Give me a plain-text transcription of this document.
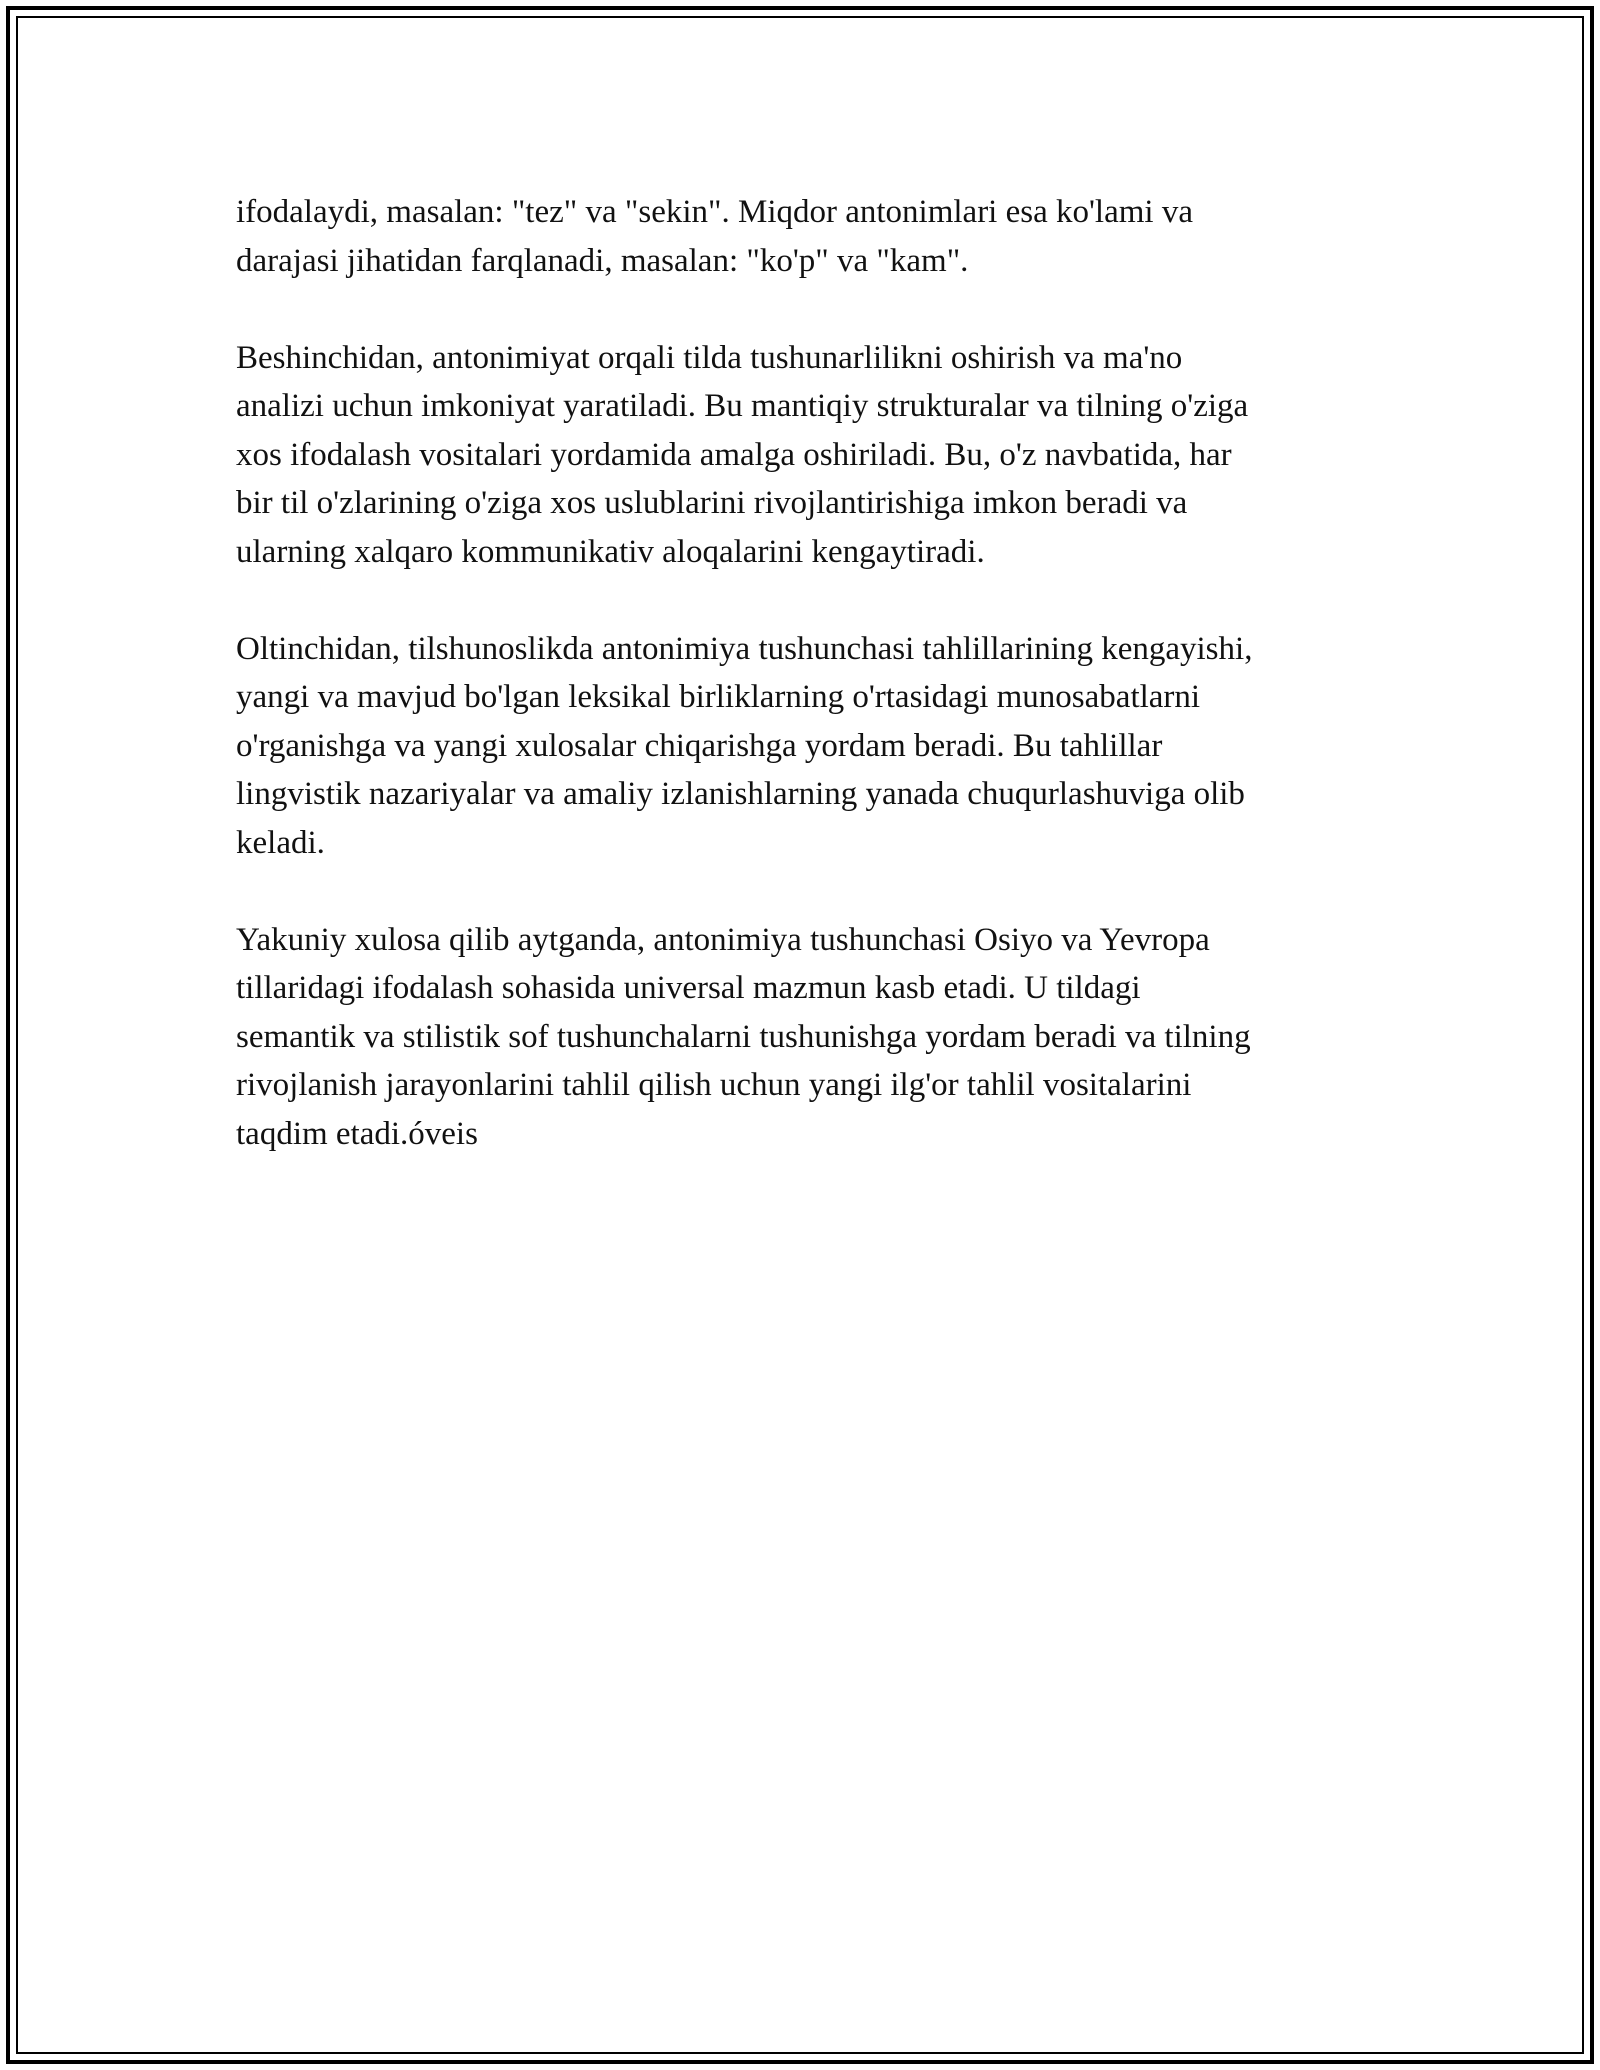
ifodalaydi, masalan: "tez" va "sekin". Miqdor antonimlari esa ko'lami va
darajasi jihatidan farqlanadi, masalan: "ko'p" va "kam".

Beshinchidan, antonimiyat orqali tilda tushunarlilikni oshirish va ma'no
analizi uchun imkoniyat yaratiladi. Bu mantiqiy strukturalar va tilning o'ziga
xos ifodalash vositalari yordamida amalga oshiriladi. Bu, o'z navbatida, har
bir til o'zlarining o'ziga xos uslublarini rivojlantirishiga imkon beradi va
ularning xalqaro kommunikativ aloqalarini kengaytiradi.

Oltinchidan, tilshunoslikda antonimiya tushunchasi tahlillarining kengayishi,
yangi va mavjud bo'lgan leksikal birliklarning o'rtasidagi munosabatlarni
o'rganishga va yangi xulosalar chiqarishga yordam beradi. Bu tahlillar
lingvistik nazariyalar va amaliy izlanishlarning yanada chuqurlashuviga olib
keladi.

Yakuniy xulosa qilib aytganda, antonimiya tushunchasi Osiyo va Yevropa
tillaridagi ifodalash sohasida universal mazmun kasb etadi. U tildagi
semantik va stilistik sof tushunchalarni tushunishga yordam beradi va tilning
rivojlanish jarayonlarini tahlil qilish uchun yangi ilg'or tahlil vositalarini
taqdim etadi.óveis
